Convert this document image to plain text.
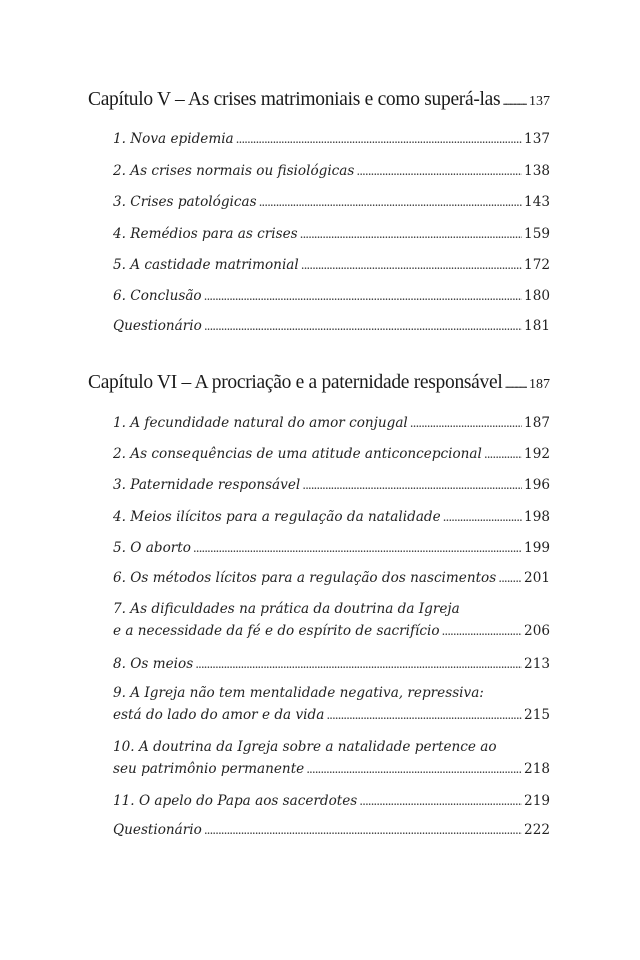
Capítulo V – As crises matrimoniais e como superá-las . . . 137
1. Nova epidemia . . .	137
2. As crises normais ou fisiológicas . . .	138
3. Crises patológicas . . .	143
4. Remédios para as crises . . .	159
5. A castidade matrimonial . . .	172
6. Conclusão . . .	180
Questionário . . .	181
Capítulo VI – A procriação e a paternidade responsável . . . 187
1. A fecundidade natural do amor conjugal . . .	187
2. As consequências de uma atitude anticoncepcional . . .	192
3. Paternidade responsável . . .	196
4. Meios ilícitos para a regulação da natalidade . . .	198
5. O aborto . . .	199
6. Os métodos lícitos para a regulação dos nascimentos . . . 201
7. As dificuldades na prática da doutrina da Igreja
e a necessidade da fé e do espírito de sacrifício . . .	206
8. Os meios . . .	213
9. A Igreja não tem mentalidade negativa, repressiva:
está do lado do amor e da vida . . .	215
10. A doutrina da Igreja sobre a natalidade pertence ao
seu patrimônio permanente . . .	218
11. O apelo do Papa aos sacerdotes . . .	219
Questionário . . .	222
